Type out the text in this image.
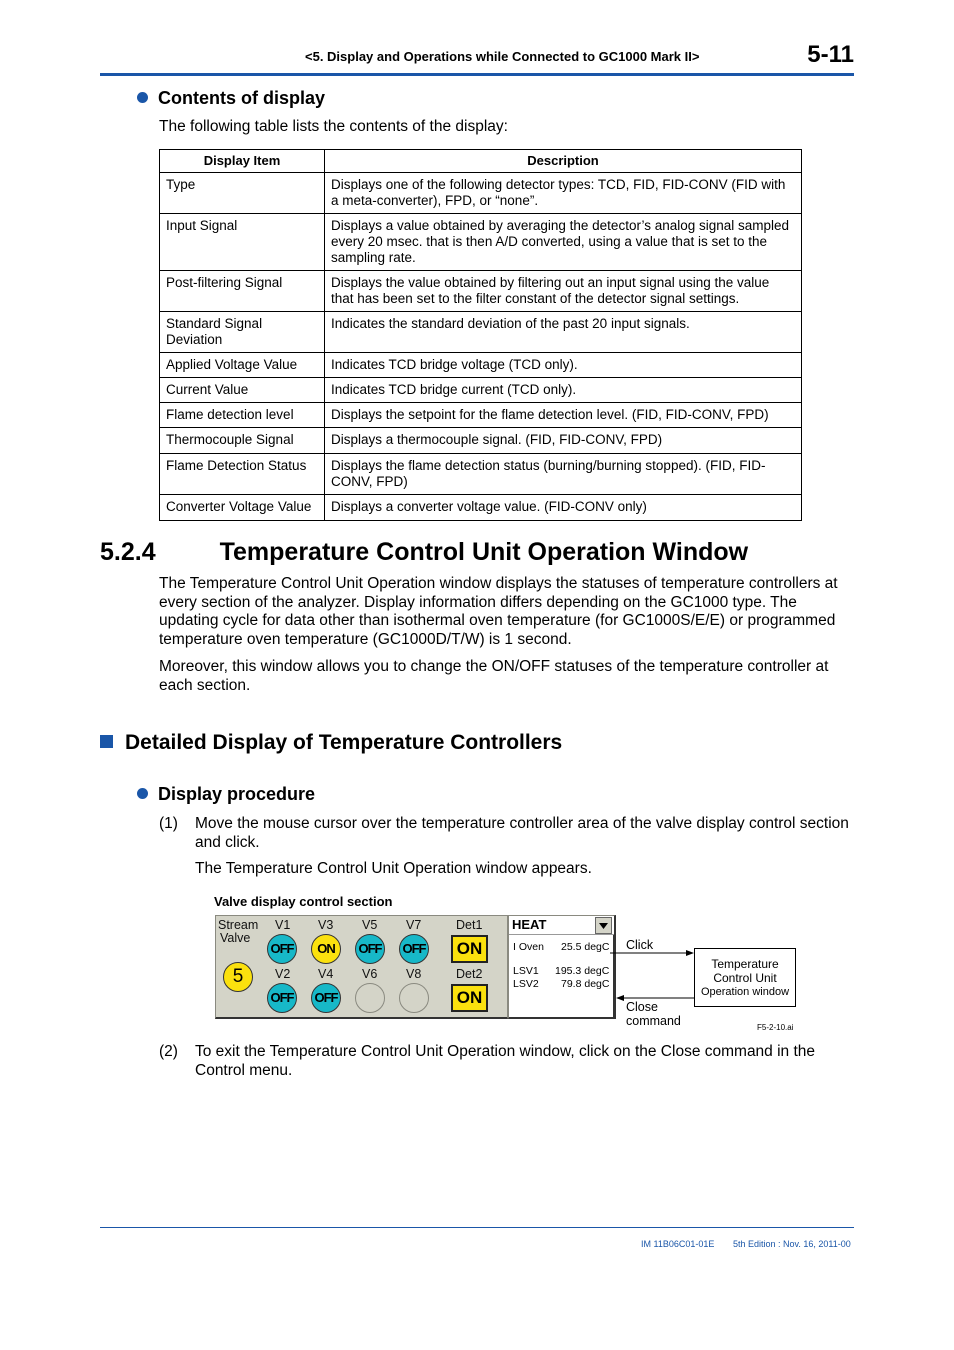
<5. Display and Operations while Connected to GC1000 Mark II>	5-11
Contents of display
The following table lists the contents of the display:
Display Item	Description
Type	Displays one of the following detector types: TCD, FID, FID-CONV (FID with a meta-converter), FPD, or “none”.
Input Signal	Displays a value obtained by averaging the detector’s analog signal sampled every 20 msec. that is then A/D converted, using a value that is set to the sampling rate.
Post-filtering Signal	Displays the value obtained by filtering out an input signal using the value that has been set to the filter constant of the detector signal settings.
Standard Signal Deviation	Indicates the standard deviation of the past 20 input signals.
Applied Voltage Value	Indicates TCD bridge voltage (TCD only).
Current Value	Indicates TCD bridge current (TCD only).
Flame detection level	Displays the setpoint for the flame detection level. (FID, FID-CONV, FPD)
Thermocouple Signal	Displays a thermocouple signal. (FID, FID-CONV, FPD)
Flame Detection Status	Displays the flame detection status (burning/burning stopped). (FID, FID-CONV, FPD)
Converter Voltage Value	Displays a converter voltage value. (FID-CONV only)
5.2.4	Temperature Control Unit Operation Window
The Temperature Control Unit Operation window displays the statuses of temperature controllers at every section of the analyzer. Display information differs depending on the GC1000 type. The updating cycle for data other than isothermal oven temperature (for GC1000S/E/E) or programmed temperature oven temperature (GC1000D/T/W) is 1 second.
Moreover, this window allows you to change the ON/OFF statuses of the temperature controller at each section.
Detailed Display of Temperature Controllers
Display procedure
(1) Move the mouse cursor over the temperature controller area of the valve display control section and click.
The Temperature Control Unit Operation window appears.
Valve display control section
Stream
Valve
5
V1
OFF
V3
ON
V5
OFF
V7
OFF
V2
OFF
V4
OFF
V6 V8
Det1
ON
Det2
ON
HEAT
I Oven 25.5 degC
LSV1 195.3 degC
LSV2 79.8 degC
Click
Close
command
Temperature
Control Unit
Operation window
F5-2-10.ai
(2) To exit the Temperature Control Unit Operation window, click on the Close command in the Control menu.
IM 11B06C01-01E 5th Edition : Nov. 16, 2011-00
